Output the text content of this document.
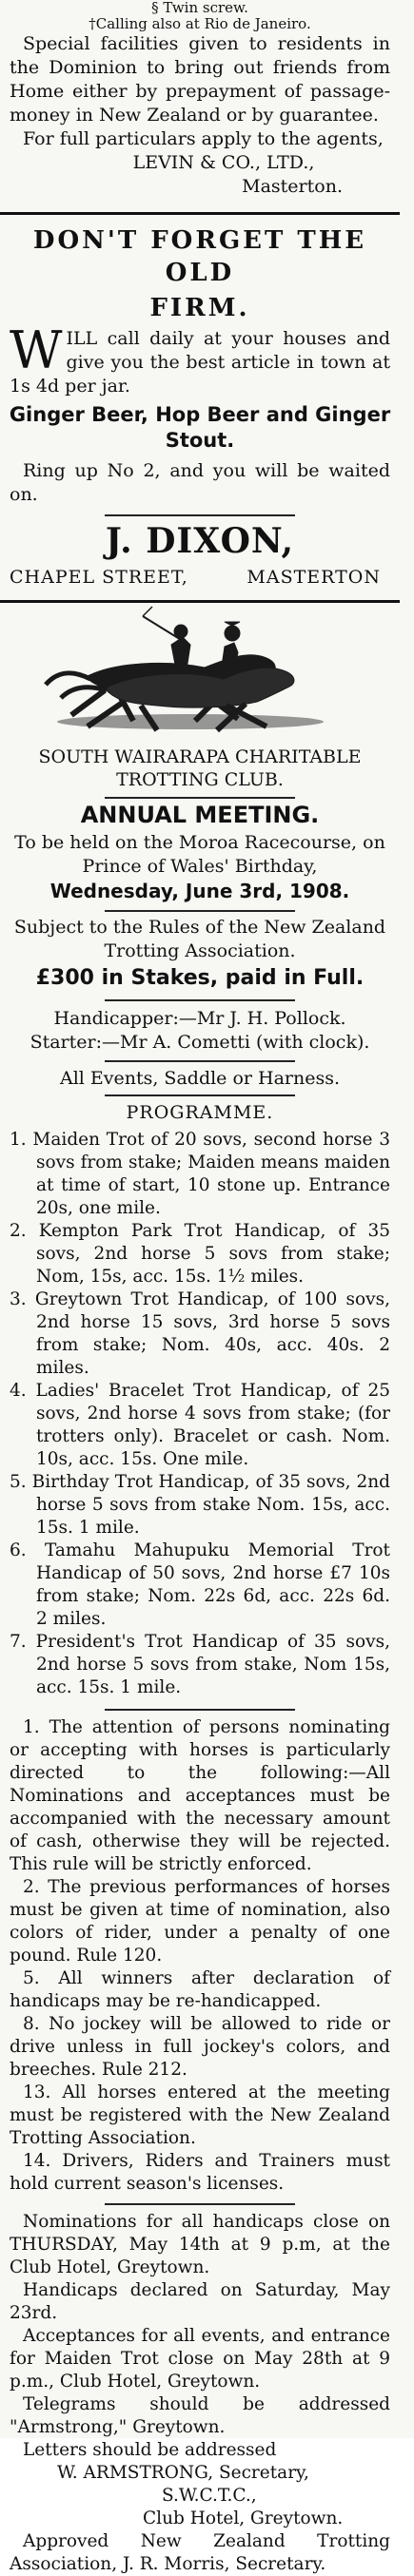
§ Twin screw.
†Calling also at Rio de Janeiro.
Special facilities given to residents in the Dominion to bring out friends from Home either by prepayment of passage-money in New Zealand or by guarantee.
For full particulars apply to the agents,
LEVIN & CO., LTD.,
Masterton.
DON'T FORGET THE OLD
FIRM.
WILL call daily at your houses and give you the best article in town at 1s 4d per jar.
Ginger Beer, Hop Beer and Ginger Stout.
Ring up No 2, and you will be waited on.
J. DIXON,
CHAPEL STREET,	MASTERTON
SOUTH WAIRARAPA CHARITABLE
TROTTING CLUB.
ANNUAL MEETING.
To be held on the Moroa Racecourse, on Prince of Wales' Birthday,
Wednesday, June 3rd, 1908.
Subject to the Rules of the New Zealand Trotting Association.
£300 in Stakes, paid in Full.
Handicapper:—Mr J. H. Pollock.
Starter:—Mr A. Cometti (with clock).
All Events, Saddle or Harness.
PROGRAMME.
1. Maiden Trot of 20 sovs, second horse 3 sovs from stake; Maiden means maiden at time of start, 10 stone up. Entrance 20s, one mile.
2. Kempton Park Trot Handicap, of 35 sovs, 2nd horse 5 sovs from stake; Nom, 15s, acc. 15s. 1½ miles.
3. Greytown Trot Handicap, of 100 sovs, 2nd horse 15 sovs, 3rd horse 5 sovs from stake; Nom. 40s, acc. 40s. 2 miles.
4. Ladies' Bracelet Trot Handicap, of 25 sovs, 2nd horse 4 sovs from stake; (for trotters only). Bracelet or cash. Nom. 10s, acc. 15s. One mile.
5. Birthday Trot Handicap, of 35 sovs, 2nd horse 5 sovs from stake Nom. 15s, acc. 15s. 1 mile.
6. Tamahu Mahupuku Memorial Trot Handicap of 50 sovs, 2nd horse £7 10s from stake; Nom. 22s 6d, acc. 22s 6d. 2 miles.
7. President's Trot Handicap of 35 sovs, 2nd horse 5 sovs from stake, Nom 15s, acc. 15s. 1 mile.
1. The attention of persons nominating or accepting with horses is particularly directed to the following:—All Nominations and acceptances must be accompanied with the necessary amount of cash, otherwise they will be rejected. This rule will be strictly enforced.
2. The previous performances of horses must be given at time of nomination, also colors of rider, under a penalty of one pound. Rule 120.
5. All winners after declaration of handicaps may be re-handicapped.
8. No jockey will be allowed to ride or drive unless in full jockey's colors, and breeches. Rule 212.
13. All horses entered at the meeting must be registered with the New Zealand Trotting Association.
14. Drivers, Riders and Trainers must hold current season's licenses.
Nominations for all handicaps close on THURSDAY, May 14th at 9 p.m, at the Club Hotel, Greytown.
Handicaps declared on Saturday, May 23rd.
Acceptances for all events, and entrance for Maiden Trot close on May 28th at 9 p.m., Club Hotel, Greytown.
Telegrams should be addressed "Armstrong," Greytown.
Letters should be addressed
W. ARMSTRONG, Secretary,
S.W.C.T.C.,
Club Hotel, Greytown.
Approved New Zealand Trotting Association, J. R. Morris, Secretary.
